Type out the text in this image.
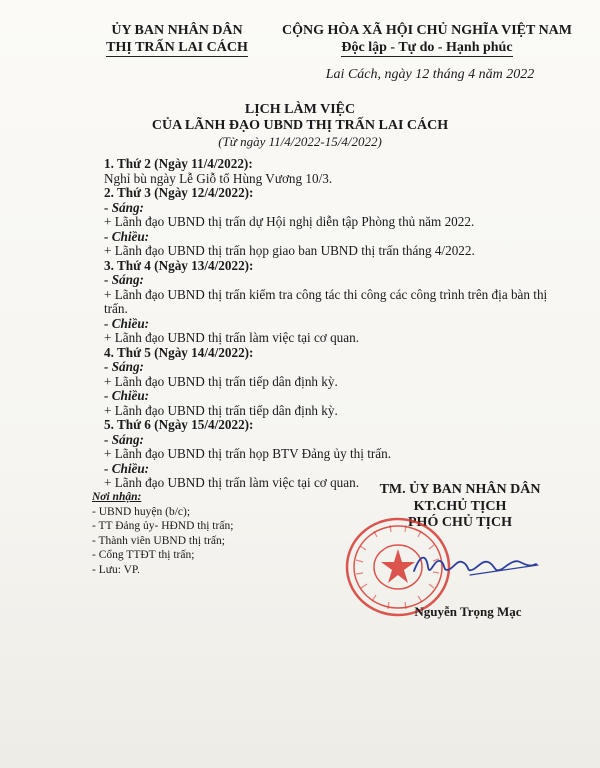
ỦY BAN NHÂN DÂN
THỊ TRẤN LAI CÁCH
CỘNG HÒA XÃ HỘI CHỦ NGHĨA VIỆT NAM
Độc lập - Tự do - Hạnh phúc
Lai Cách, ngày 12 tháng 4 năm 2022
LỊCH LÀM VIỆC
CỦA LÃNH ĐẠO UBND THỊ TRẤN LAI CÁCH
(Từ ngày 11/4/2022-15/4/2022)
1. Thứ 2 (Ngày 11/4/2022):
Nghỉ bù ngày Lễ Giỗ tổ Hùng Vương 10/3.
2. Thứ 3 (Ngày 12/4/2022):
- Sáng:
+ Lãnh đạo UBND thị trấn dự Hội nghị diễn tập Phòng thủ năm 2022.
- Chiều:
+ Lãnh đạo UBND thị trấn họp giao ban UBND thị trấn tháng 4/2022.
3. Thứ 4 (Ngày 13/4/2022):
- Sáng:
+ Lãnh đạo UBND thị trấn kiểm tra công tác thi công các công trình trên địa bàn thị trấn.
- Chiều:
+ Lãnh đạo UBND thị trấn làm việc tại cơ quan.
4. Thứ 5 (Ngày 14/4/2022):
- Sáng:
+ Lãnh đạo UBND thị trấn tiếp dân định kỳ.
- Chiều:
+ Lãnh đạo UBND thị trấn tiếp dân định kỳ.
5. Thứ 6 (Ngày 15/4/2022):
- Sáng:
+ Lãnh đạo UBND thị trấn họp BTV Đảng ủy thị trấn.
- Chiều:
+ Lãnh đạo UBND thị trấn làm việc tại cơ quan.
Nơi nhận:
- UBND huyện (b/c);
- TT Đảng ủy- HĐND thị trấn;
- Thành viên UBND thị trấn;
- Cổng TTĐT thị trấn;
- Lưu: VP.
TM. ỦY BAN NHÂN DÂN
KT.CHỦ TỊCH
PHÓ CHỦ TỊCH
Nguyễn Trọng Mạc
